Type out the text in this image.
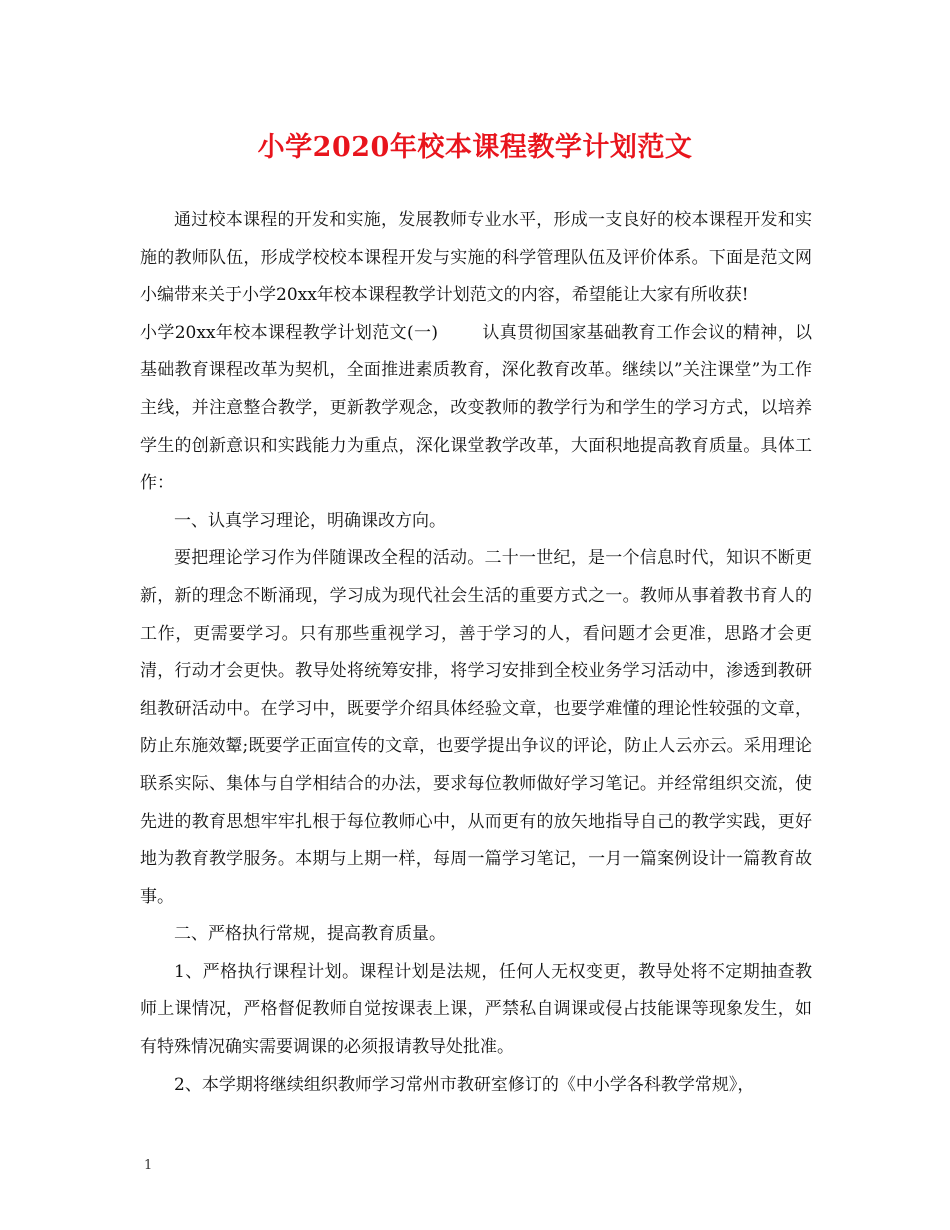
小学2020年校本课程教学计划范文

通过校本课程的开发和实施，发展教师专业水平，形成一支良好的校本课程开发和实施的教师队伍，形成学校校本课程开发与实施的科学管理队伍及评价体系。下面是范文网小编带来关于小学20xx年校本课程教学计划范文的内容，希望能让大家有所收获!

小学20xx年校本课程教学计划范文(一)	认真贯彻国家基础教育工作会议的精神，以基础教育课程改革为契机，全面推进素质教育，深化教育改革。继续以”关注课堂”为工作主线，并注意整合教学，更新教学观念，改变教师的教学行为和学生的学习方式，以培养学生的创新意识和实践能力为重点，深化课堂教学改革，大面积地提高教育质量。具体工作：

一、认真学习理论，明确课改方向。

要把理论学习作为伴随课改全程的活动。二十一世纪，是一个信息时代，知识不断更新，新的理念不断涌现，学习成为现代社会生活的重要方式之一。教师从事着教书育人的工作，更需要学习。只有那些重视学习，善于学习的人，看问题才会更准，思路才会更清，行动才会更快。教导处将统筹安排，将学习安排到全校业务学习活动中，渗透到教研组教研活动中。在学习中，既要学介绍具体经验文章，也要学难懂的理论性较强的文章，防止东施效颦;既要学正面宣传的文章，也要学提出争议的评论，防止人云亦云。采用理论联系实际、集体与自学相结合的办法，要求每位教师做好学习笔记。并经常组织交流，使先进的教育思想牢牢扎根于每位教师心中，从而更有的放矢地指导自己的教学实践，更好地为教育教学服务。本期与上期一样，每周一篇学习笔记，一月一篇案例设计一篇教育故事。

二、严格执行常规，提高教育质量。

1、严格执行课程计划。课程计划是法规，任何人无权变更，教导处将不定期抽查教师上课情况，严格督促教师自觉按课表上课，严禁私自调课或侵占技能课等现象发生，如有特殊情况确实需要调课的必须报请教导处批准。

2、本学期将继续组织教师学习常州市教研室修订的《中小学各科教学常规》，

1
